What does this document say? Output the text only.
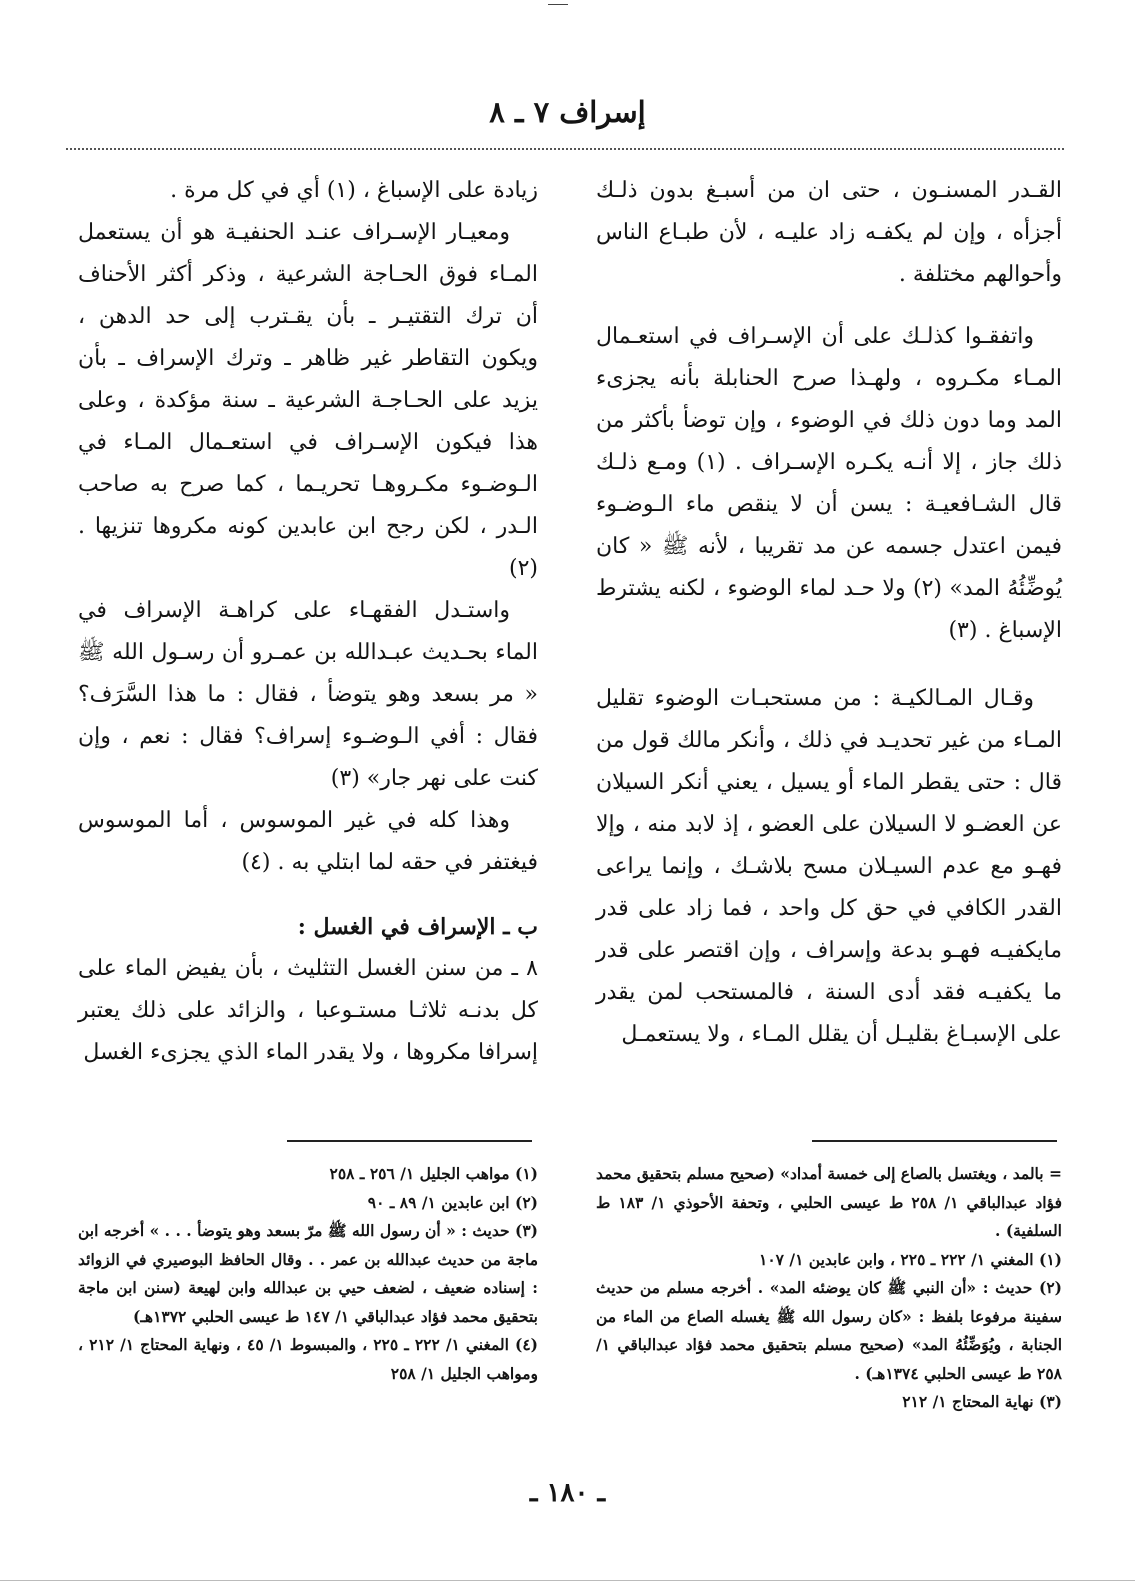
إسراف ٧ ـ ٨

القـدر المسنـون ، حتى ان من أسبـغ بدون ذلـك أجزأه ، وإن لم يكفـه زاد عليـه ، لأن طبـاع الناس وأحوالهم مختلفة .

واتفقـوا كذلـك على أن الإسـراف في استعـمال المـاء مكـروه ، ولهـذا صرح الحنابلة بأنه يجزىء المد وما دون ذلك في الوضوء ، وإن توضأ بأكثر من ذلك جاز ، إلا أنـه يكـره الإسـراف . (١) ومـع ذلـك قال الشـافعيـة : يسن أن لا ينقص ماء الـوضـوء فيمن اعتدل جسمه عن مد تقريبا ، لأنه ﷺ « كان يُوضِّئُهُ المد» (٢) ولا حـد لماء الوضوء ، لكنه يشترط الإسباغ . (٣)

وقـال المـالكيـة : من مستحبـات الوضوء تقليل المـاء من غير تحديـد في ذلك ، وأنكر مالك قول من قال : حتى يقطر الماء أو يسيل ، يعني أنكر السيلان عن العضـو لا السيلان على العضو ، إذ لابد منه ، وإلا فهـو مع عدم السيـلان مسح بلاشـك ، وإنما يراعى القدر الكافي في حق كل واحد ، فما زاد على قدر مايكفيـه فهـو بدعة وإسراف ، وإن اقتصر على قدر ما يكفيـه فقد أدى السنة ، فالمستحب لمن يقدر على الإسبـاغ بقليـل أن يقلل المـاء ، ولا يستعمـل

زيادة على الإسباغ ، (١) أي في كل مرة .

ومعيـار الإسـراف عنـد الحنفيـة هو أن يستعمل المـاء فوق الحـاجة الشرعية ، وذكر أكثر الأحناف أن ترك التقتيـر ـ بأن يقـترب إلى حد الدهن ، ويكون التقاطر غير ظاهر ـ وترك الإسراف ـ بأن يزيد على الحـاجـة الشرعية ـ سنة مؤكدة ، وعلى هذا فيكون الإسـراف في استعـمال المـاء في الـوضـوء مكـروهـا تحريـما ، كما صرح به صاحب الـدر ، لكن رجح ابن عابدين كونه مكروها تنزيها . (٢)

واستـدل الفقهـاء على كراهـة الإسراف في الماء بحـديث عبـدالله بن عمـرو أن رسـول الله ﷺ « مر بسعد وهو يتوضأ ، فقال : ما هذا السَّرَف؟ فقال : أفي الـوضـوء إسراف؟ فقال : نعم ، وإن كنت على نهر جار» (٣)

وهذا كله في غير الموسوس ، أما الموسوس فيغتفر في حقه لما ابتلي به . (٤)

ب ـ الإسراف في الغسل :

٨ ـ من سنن الغسل التثليث ، بأن يفيض الماء على كل بدنـه ثلاثـا مستـوعبا ، والزائد على ذلك يعتبر إسرافا مكروها ، ولا يقدر الماء الذي يجزىء الغسل

= بالمد ، ويغتسل بالصاع إلى خمسة أمداد» (صحيح مسلم بتحقيق محمد فؤاد عبدالباقي ١/ ٢٥٨ ط عيسى الحلبي ، وتحفة الأحوذي ١/ ١٨٣ ط السلفية) .

(١) المغني ١/ ٢٢٢ ـ ٢٢٥ ، وابن عابدين ١/ ١٠٧

(٢) حديث : «أن النبي ﷺ كان يوضئه المد» . أخرجه مسلم من حديث سفينة مرفوعا بلفظ : «كان رسول الله ﷺ يغسله الصاع من الماء من الجنابة ، ويُوَضِّئُهُ المد» (صحيح مسلم بتحقيق محمد فؤاد عبدالباقي ١/ ٢٥٨ ط عيسى الحلبي ١٣٧٤هـ) .

(٣) نهاية المحتاج ١/ ٢١٢

(١) مواهب الجليل ١/ ٢٥٦ ـ ٢٥٨

(٢) ابن عابدين ١/ ٨٩ ـ ٩٠

(٣) حديث : « أن رسول الله ﷺ مرّ بسعد وهو يتوضأ . . . » أخرجه ابن ماجة من حديث عبدالله بن عمر . . وقال الحافظ البوصيري في الزوائد : إسناده ضعيف ، لضعف حيي بن عبدالله وابن لهيعة (سنن ابن ماجة بتحقيق محمد فؤاد عبدالباقي ١/ ١٤٧ ط عيسى الحلبي ١٣٧٢هـ)

(٤) المغني ١/ ٢٢٢ ـ ٢٢٥ ، والمبسوط ١/ ٤٥ ، ونهاية المحتاج ١/ ٢١٢ ، ومواهب الجليل ١/ ٢٥٨

ـ ١٨٠ ـ
